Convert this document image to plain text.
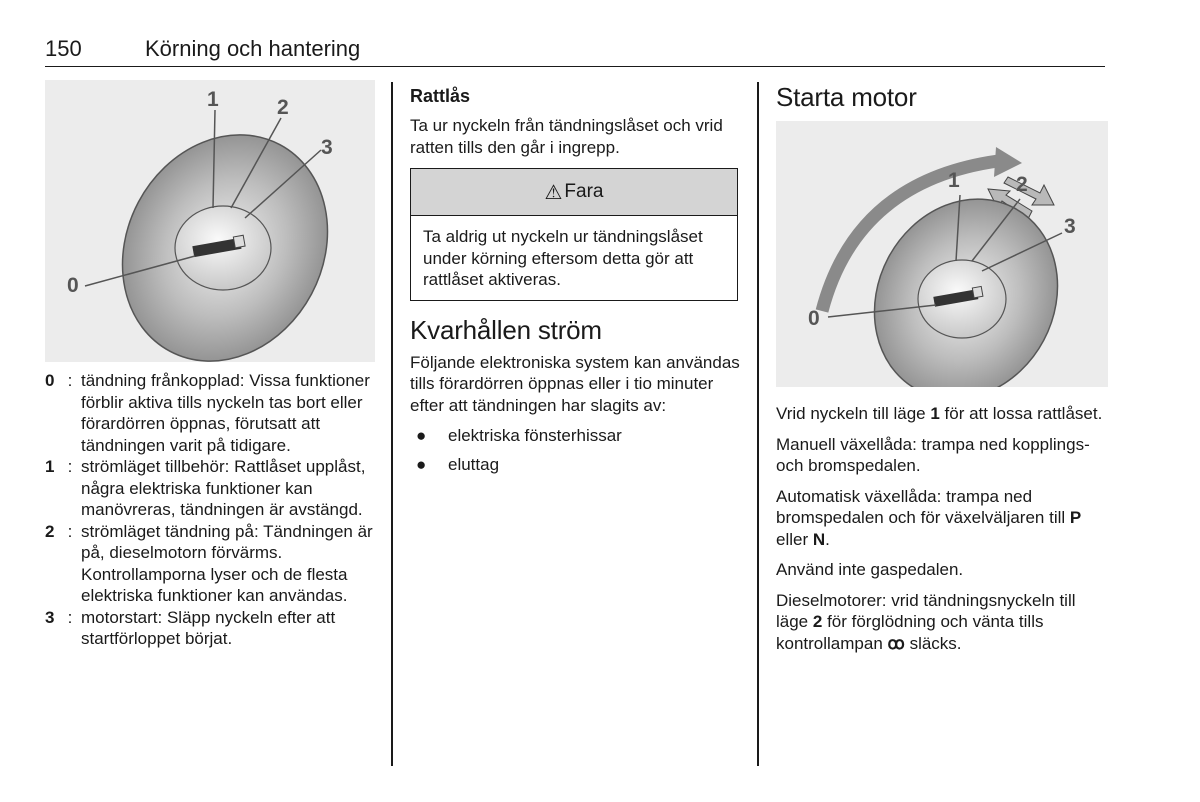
150	Körning och hantering
0
1	2
3
0 : tändning frånkopplad: Vissa funktioner förblir aktiva tills nyckeln tas bort eller förardörren öppnas, förutsatt att tändningen varit på tidigare.
1 : strömläget tillbehör: Rattlåset upplåst, några elektriska funktioner kan manövreras, tändningen är avstängd.
2 : strömläget tändning på: Tändningen är på, dieselmotorn förvärms. Kontrollamporna lyser och de flesta elektriska funktioner kan användas.
3 : motorstart: Släpp nyckeln efter att startförloppet börjat.
Rattlås

Ta ur nyckeln från tändningslåset och vrid ratten tills den går i ingrepp.

⚠ Fara
Ta aldrig ut nyckeln ur tändningslåset under körning eftersom detta gör att rattlåset aktiveras.
Kvarhållen ström

Följande elektroniska system kan användas tills förardörren öppnas eller i tio minuter efter att tändningen har slagits av:

●	elektriska fönsterhissar
●	eluttag
Starta motor
0
1	2
3

Vrid nyckeln till läge 1 för att lossa rattlåset.

Manuell växellåda: trampa ned kopplings- och bromspedalen.

Automatisk växellåda: trampa ned bromspedalen och för växelväljaren till P eller N.

Använd inte gaspedalen.

Dieselmotorer: vrid tändningsnyckeln till läge 2 för förglödning och vänta tills kontrollampan ꝏ släcks.
